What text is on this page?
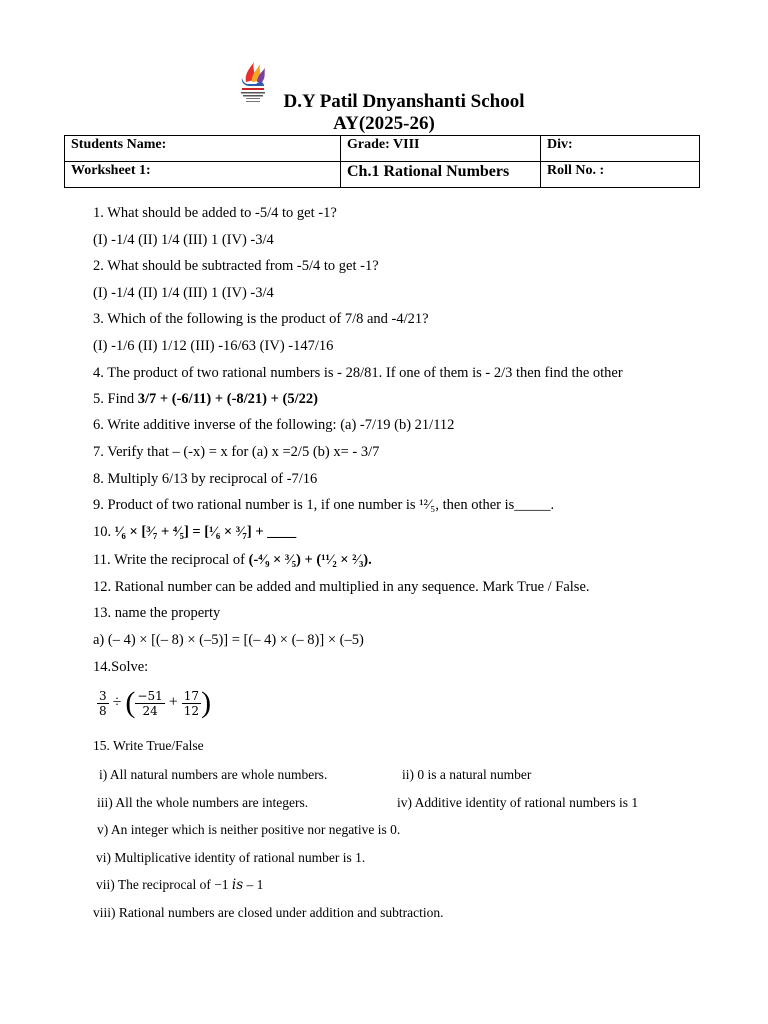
D.Y Patil Dnyanshanti School
AY(2025-26)
Students Name:	Grade: VIII	Div:
Worksheet 1:	Ch.1 Rational Numbers	Roll No. :
1. What should be added to -5/4 to get -1?
(I) -1/4 (II) 1/4 (III) 1 (IV) -3/4
2. What should be subtracted from -5/4 to get -1?
(I) -1/4 (II) 1/4 (III) 1 (IV) -3/4
3. Which of the following is the product of 7/8 and -4/21?
(I) -1/6 (II) 1/12 (III) -16/63 (IV) -147/16
4. The product of two rational numbers is - 28/81. If one of them is - 2/3 then find the other
5. Find 3/7 + (-6/11) + (-8/21) + (5/22)
6. Write additive inverse of the following: (a) -7/19 (b) 21/112
7. Verify that – (-x) = x for (a) x =2/5 (b) x= - 3/7
8. Multiply 6/13 by reciprocal of -7/16
9. Product of two rational number is 1, if one number is ¹²⁄₅, then other is_____.
10. ¹⁄₆ × [³⁄₇ + ⁴⁄₅] = [¹⁄₆ × ³⁄₇] + ____
11. Write the reciprocal of (-⁴⁄₉ × ³⁄₅) + (¹¹⁄₂ × ²⁄₃).
12. Rational number can be added and multiplied in any sequence. Mark True / False.
13. name the property
a) (– 4) × [(– 8) × (–5)] = [(– 4) × (– 8)] × (–5)
14.Solve:
$\frac{3}{8}$ ÷ ( $\frac{-51}{24} + \frac{17}{12}$ )
15. Write True/False
i) All natural numbers are whole numbers.	ii) 0 is a natural number
iii) All the whole numbers are integers.	iv) Additive identity of rational numbers is 1
v) An integer which is neither positive nor negative is 0.
vi) Multiplicative identity of rational number is 1.
vii) The reciprocal of −1 𝑖𝑠 – 1
viii) Rational numbers are closed under addition and subtraction.
